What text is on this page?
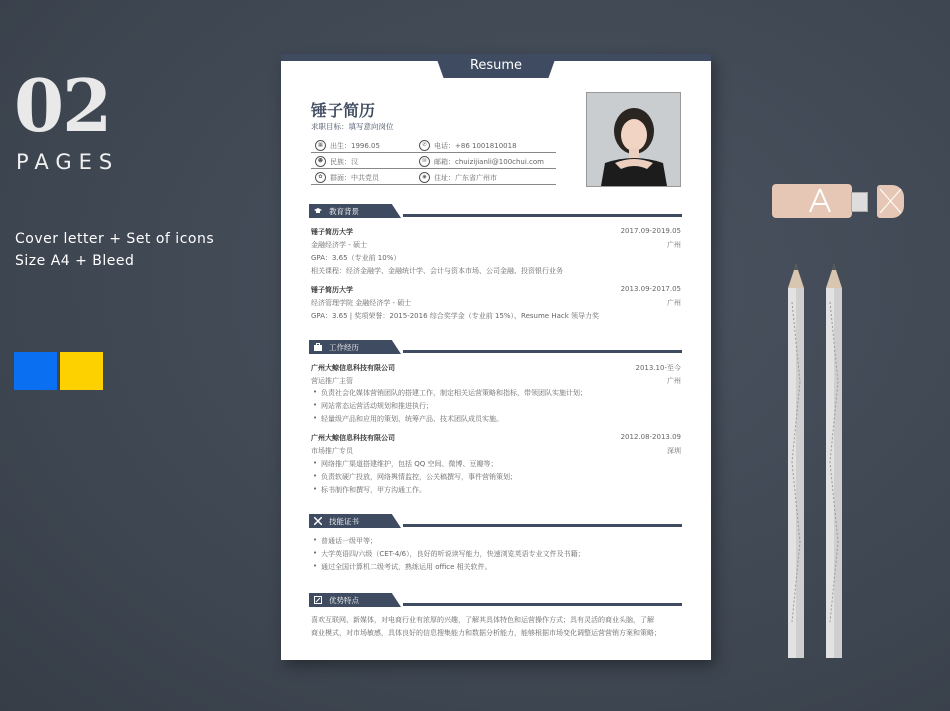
02
PAGES
Cover letter + Set of icons
Size A4 + Bleed
Resume
锤子简历
求职目标：填写意向岗位
▦	出生：1996.05	✆	电话：+86 1001810018
☻ 民族：汉	✉	邮箱：chuizijianli@100chui.com
✿	群面：中共党员	◉	住址：广东省广州市
教育背景
锤子简历大学	2017.09-2019.05
金融经济学 - 硕士	广州
GPA：3.65（专业前 10%）
相关课程：经济金融学、金融统计学、会计与资本市场、公司金融、投资银行业务
锤子简历大学	2013.09-2017.05
经济管理学院 金融经济学 - 硕士	广州
GPA：3.65 | 奖项荣誉：2015-2016 综合奖学金（专业前 15%）、Resume Hack 领导力奖
工作经历
广州大鲸信息科技有限公司	2013.10-至今
营运推广主管	广州
• 负责社会化媒体营销团队的搭建工作，制定相关运营策略和指标，带领团队实施计划；
• 网站常态运营活动规划和推进执行；
• 轻量级产品和应用的策划，统筹产品、技术团队成员实施。
广州大鲸信息科技有限公司	2012.08-2013.09
市场推广专员	深圳
• 网络推广渠道搭建维护，包括 QQ 空间、微博、豆瓣等；
• 负责软硬广投放，网络舆情监控，公关稿撰写，事件营销策划；
• 标书制作和撰写，甲方沟通工作。
技能证书
• 普通话一级甲等；
• 大学英语四/六级（CET-4/6），良好的听说读写能力，快速浏览英语专业文件及书籍；
• 通过全国计算机二级考试，熟练运用 office 相关软件。
优势特点
喜欢互联网、新媒体，对电商行业有浓厚的兴趣，了解其具体特色和运营操作方式；具有灵活的商业头脑，了解
商业模式，对市场敏感，具体良好的信息搜集能力和数据分析能力，能够根据市场变化调整运营营销方案和策略；
